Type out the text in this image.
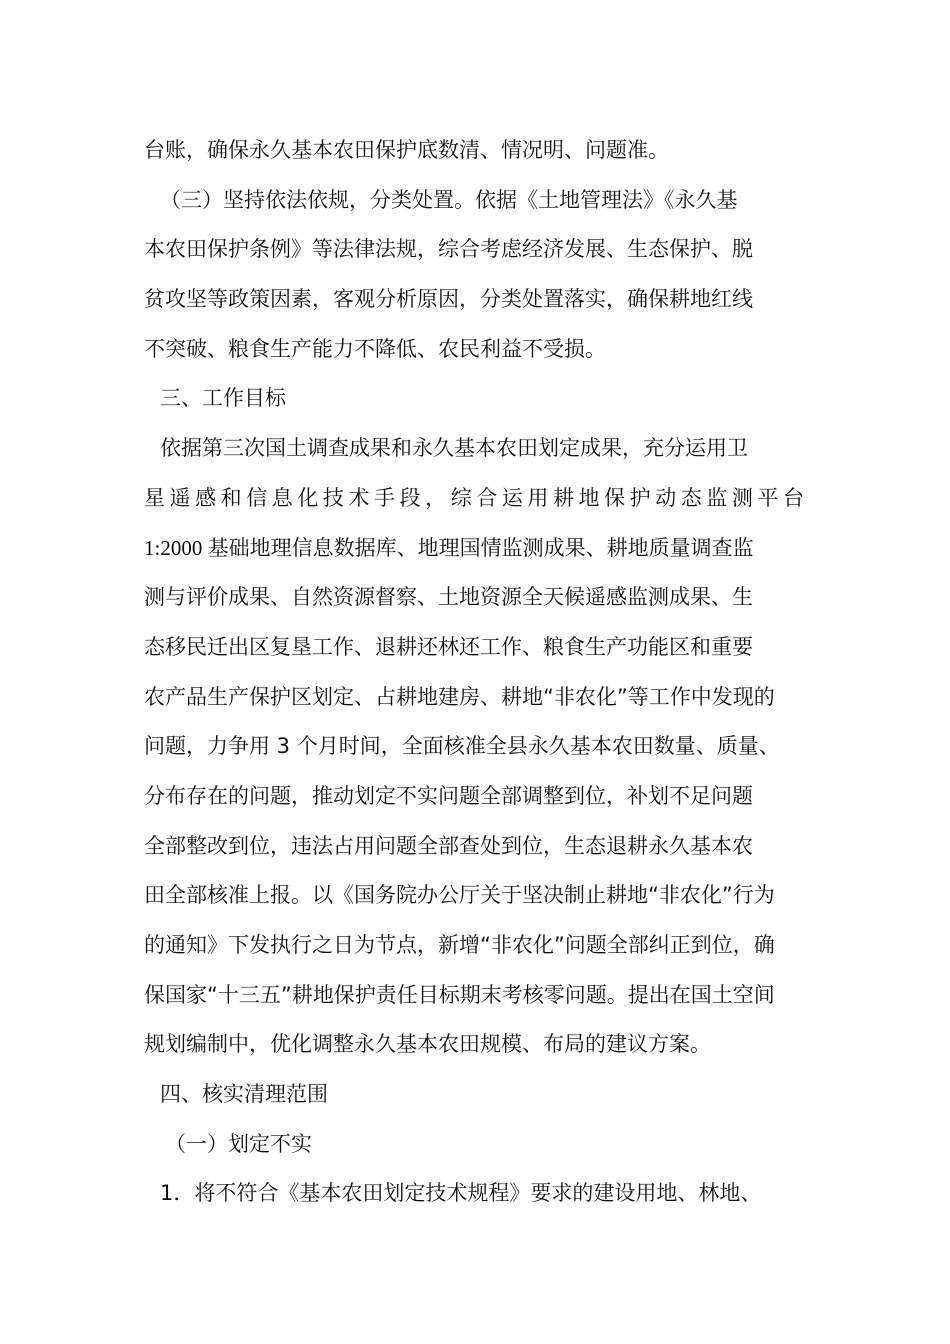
台账，确保永久基本农田保护底数清、情况明、问题准。
（三）坚持依法依规，分类处置。依据《土地管理法》《永久基
本农田保护条例》等法律法规，综合考虑经济发展、生态保护、脱
贫攻坚等政策因素，客观分析原因，分类处置落实，确保耕地红线
不突破、粮食生产能力不降低、农民利益不受损。
三、工作目标
依据第三次国土调查成果和永久基本农田划定成果，充分运用卫
星遥感和信息化技术手段，综合运用耕地保护动态监测平台
1:2000 基础地理信息数据库、地理国情监测成果、耕地质量调查监
测与评价成果、自然资源督察、土地资源全天候遥感监测成果、生
态移民迁出区复垦工作、退耕还林还工作、粮食生产功能区和重要
农产品生产保护区划定、占耕地建房、耕地“非农化”等工作中发现的
问题，力争用 3 个月时间，全面核准全县永久基本农田数量、质量、
分布存在的问题，推动划定不实问题全部调整到位，补划不足问题
全部整改到位，违法占用问题全部查处到位，生态退耕永久基本农
田全部核准上报。以《国务院办公厅关于坚决制止耕地“非农化”行为
的通知》下发执行之日为节点，新增“非农化”问题全部纠正到位，确
保国家“十三五”耕地保护责任目标期末考核零问题。提出在国土空间
规划编制中，优化调整永久基本农田规模、布局的建议方案。
四、核实清理范围
（一）划定不实
1．将不符合《基本农田划定技术规程》要求的建设用地、林地、
